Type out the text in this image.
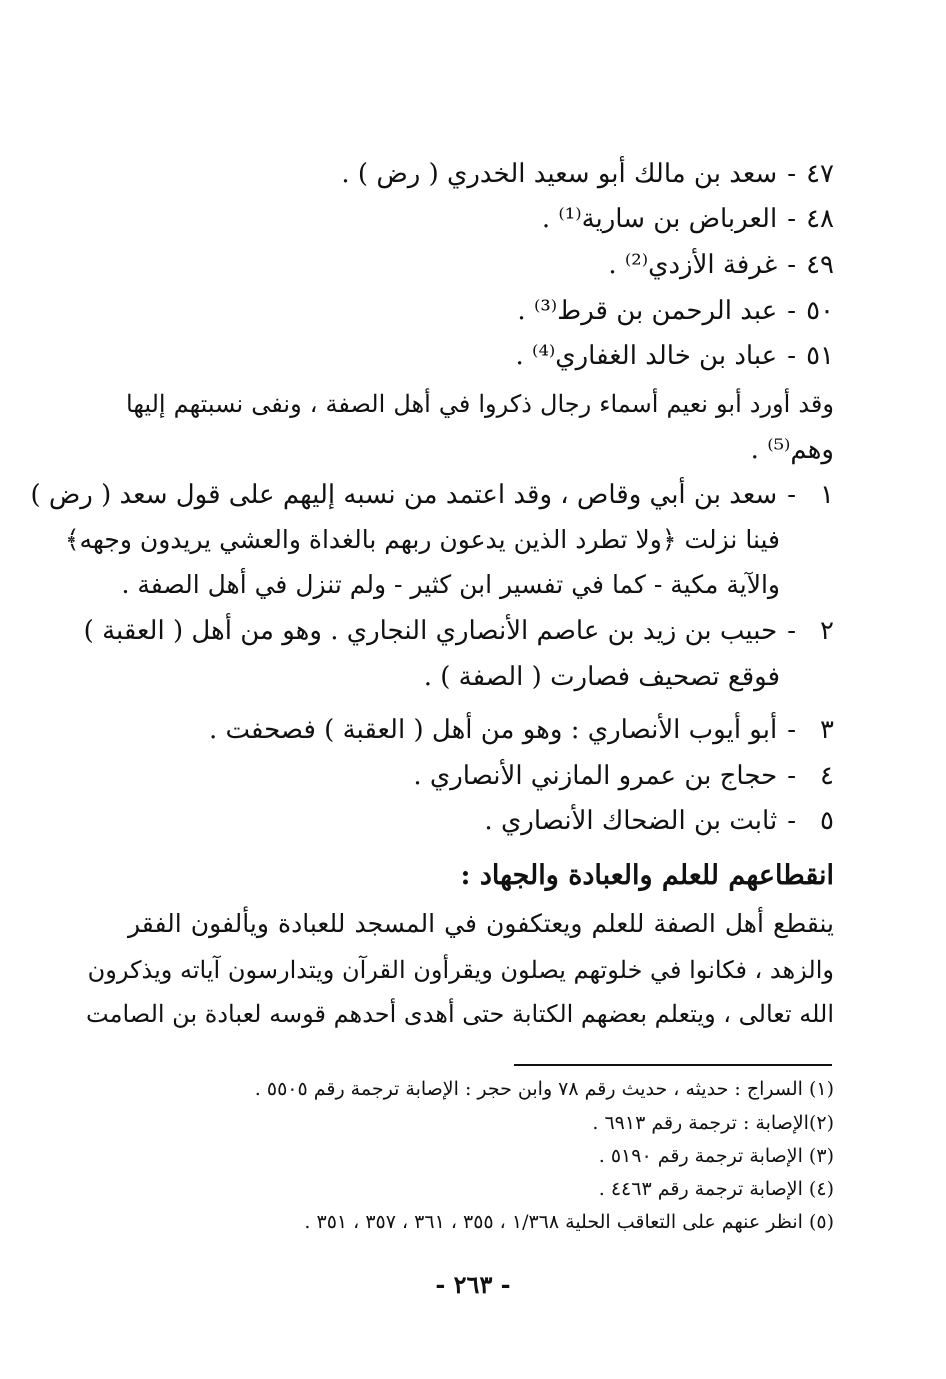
٤٧-سعد بن مالك أبو سعيد الخدري ( رض ) .
٤٨-العرباض بن سارية⁽¹⁾ .
٤٩-غرفة الأزدي⁽²⁾ .
٥٠-عبد الرحمن بن قرط⁽³⁾ .
٥١-عباد بن خالد الغفاري⁽⁴⁾ .
وقد أورد أبو نعيم أسماء رجال ذكروا في أهل الصفة ، ونفى نسبتهم إليها
وهم⁽⁵⁾ .
١-سعد بن أبي وقاص ، وقد اعتمد من نسبه إليهم على قول سعد ( رض )
فينا نزلت ﴿ولا تطرد الذين يدعون ربهم بالغداة والعشي يريدون وجهه﴾
والآية مكية - كما في تفسير ابن كثير - ولم تنزل في أهل الصفة .
٢-حبيب بن زيد بن عاصم الأنصاري النجاري . وهو من أهل ( العقبة )
فوقع تصحيف فصارت ( الصفة ) .
٣-أبو أيوب الأنصاري : وهو من أهل ( العقبة ) فصحفت .
٤-حجاج بن عمرو المازني الأنصاري .
٥-ثابت بن الضحاك الأنصاري .
انقطاعهم للعلم والعبادة والجهاد :
ينقطع أهل الصفة للعلم ويعتكفون في المسجد للعبادة ويألفون الفقر
والزهد ، فكانوا في خلوتهم يصلون ويقرأون القرآن ويتدارسون آياته ويذكرون
الله تعالى ، ويتعلم بعضهم الكتابة حتى أهدى أحدهم قوسه لعبادة بن الصامت
(١) السراج : حديثه ، حديث رقم ٧٨ وابن حجر : الإصابة ترجمة رقم ٥٥٠٥ .
(٢)الإصابة : ترجمة رقم ٦٩١٣ .
(٣) الإصابة ترجمة رقم ٥١٩٠ .
(٤) الإصابة ترجمة رقم ٤٤٦٣ .
(٥) انظر عنهم على التعاقب الحلية ١/٣٦٨ ، ٣٥٥ ، ٣٦١ ، ٣٥٧ ، ٣٥١ .
- ٢٦٣ -
